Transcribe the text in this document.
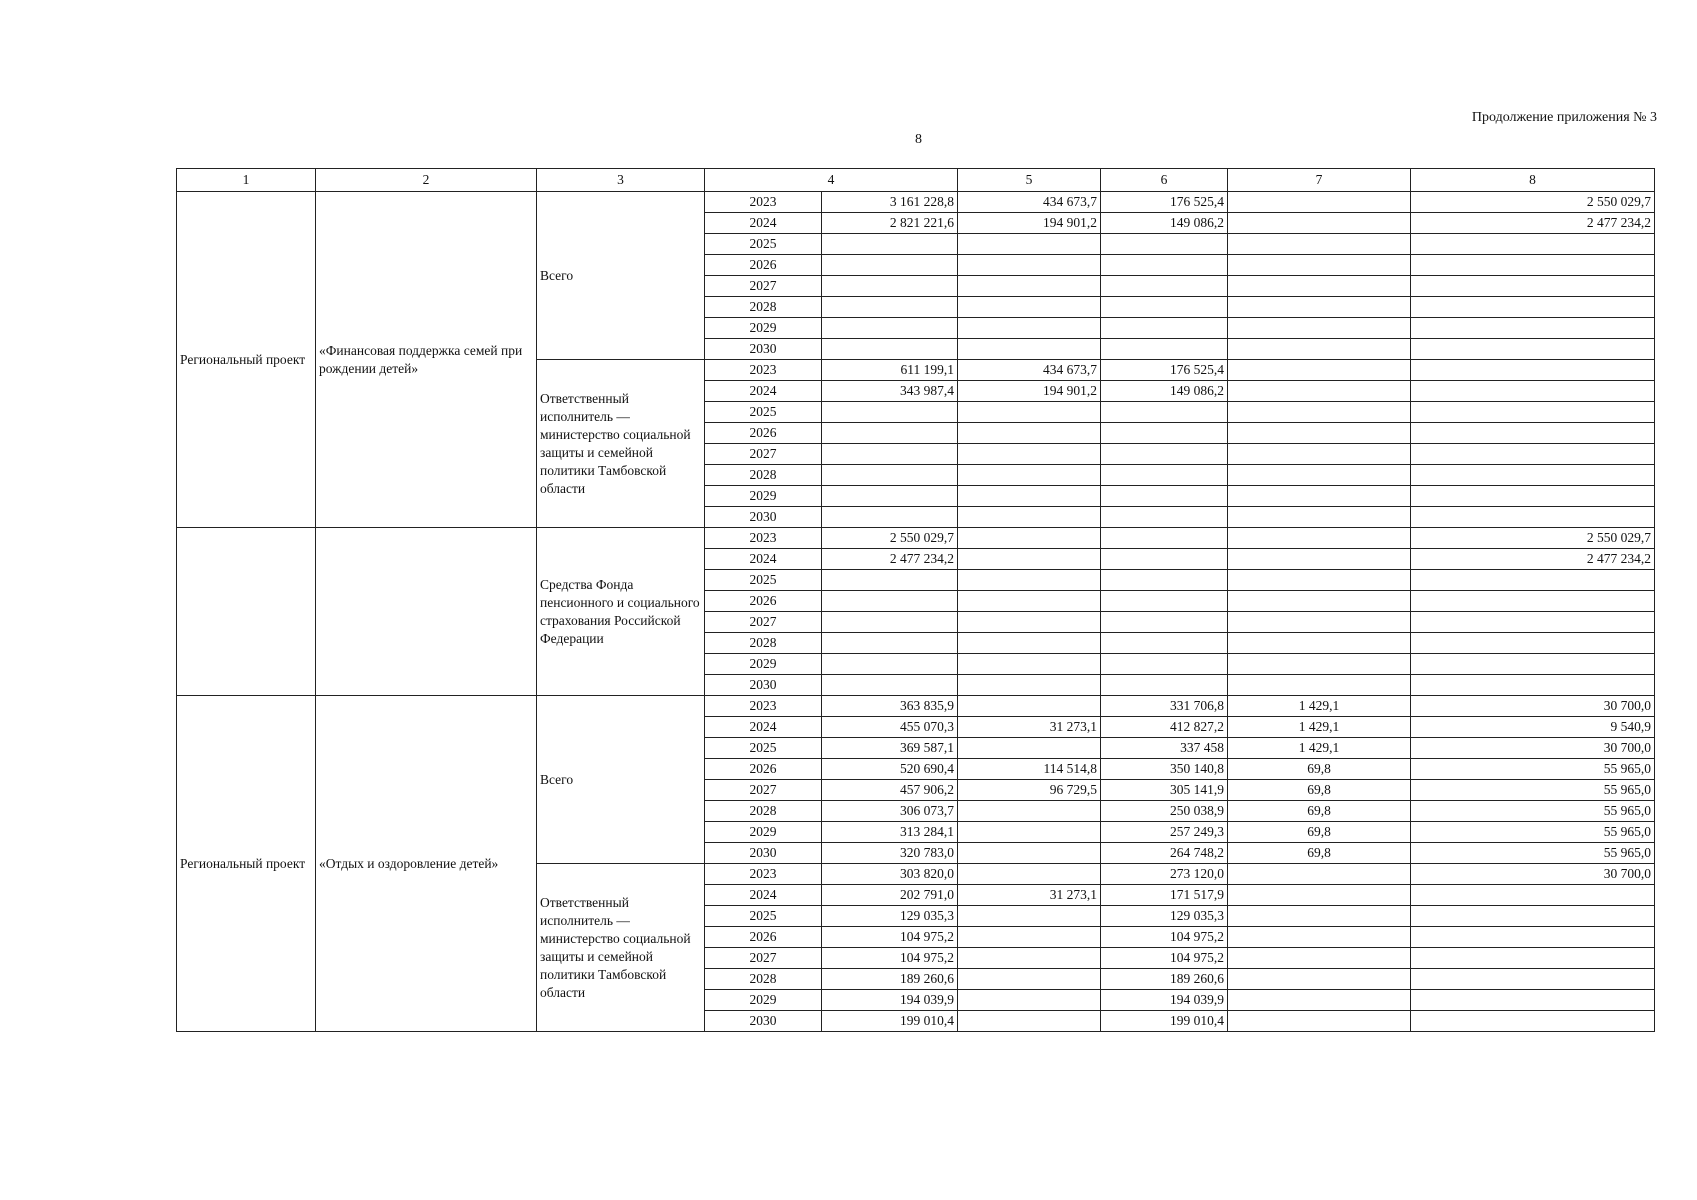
Продолжение приложения № 3
8
1	2	3	4		5	6	7	8
Региональный проект	«Финансовая поддержка семей при рождении детей»	Всего	2023	3 161 228,8	434 673,7	176 525,4		2 550 029,7
			2024	2 821 221,6	194 901,2	149 086,2		2 477 234,2
			2025					
			2026					
			2027					
			2028					
			2029					
			2030					
		Ответственный исполнитель — министерство социальной защиты и семейной политики Тамбовской области	2023	611 199,1	434 673,7	176 525,4		
			2024	343 987,4	194 901,2	149 086,2		
			2025					
			2026					
			2027					
			2028					
			2029					
			2030					
		Средства Фонда пенсионного и социального страхования Российской Федерации	2023	2 550 029,7				2 550 029,7
			2024	2 477 234,2				2 477 234,2
			2025					
			2026					
			2027					
			2028					
			2029					
			2030					
Региональный проект	«Отдых и оздоровление детей»	Всего	2023	363 835,9		331 706,8	1 429,1	30 700,0
			2024	455 070,3	31 273,1	412 827,2	1 429,1	9 540,9
			2025	369 587,1		337 458	1 429,1	30 700,0
			2026	520 690,4	114 514,8	350 140,8	69,8	55 965,0
			2027	457 906,2	96 729,5	305 141,9	69,8	55 965,0
			2028	306 073,7		250 038,9	69,8	55 965,0
			2029	313 284,1		257 249,3	69,8	55 965,0
			2030	320 783,0		264 748,2	69,8	55 965,0
		Ответственный исполнитель — министерство социальной защиты и семейной политики Тамбовской области	2023	303 820,0		273 120,0		30 700,0
			2024	202 791,0	31 273,1	171 517,9		
			2025	129 035,3		129 035,3		
			2026	104 975,2		104 975,2		
			2027	104 975,2		104 975,2		
			2028	189 260,6		189 260,6		
			2029	194 039,9		194 039,9		
			2030	199 010,4		199 010,4		
